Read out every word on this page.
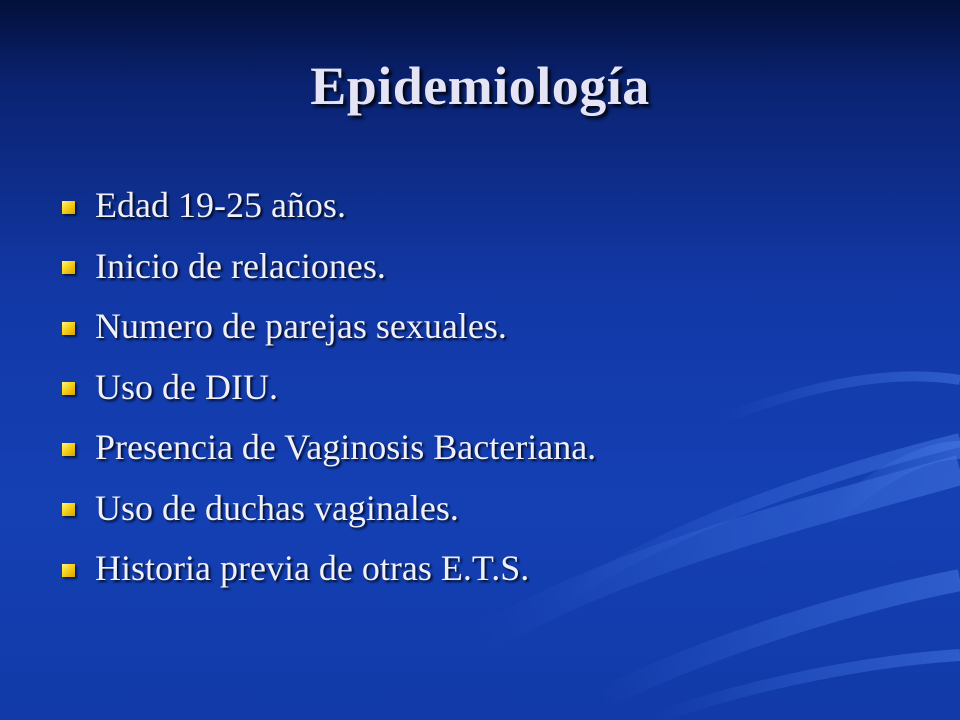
Epidemiología
Edad 19-25 años.
Inicio de relaciones.
Numero de parejas sexuales.
Uso de DIU.
Presencia de Vaginosis Bacteriana.
Uso de duchas vaginales.
Historia previa de otras E.T.S.
